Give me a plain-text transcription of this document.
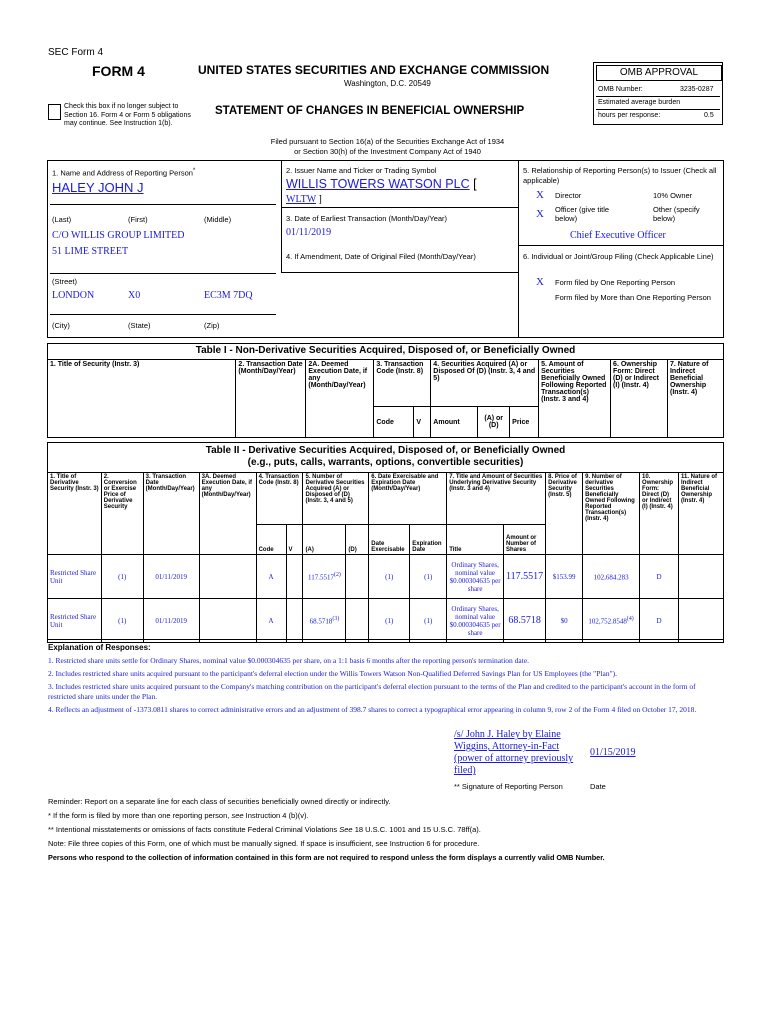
SEC Form 4
FORM 4	UNITED STATES SECURITIES AND EXCHANGE COMMISSION
Washington, D.C. 20549
Check this box if no longer subject to Section 16. Form 4 or Form 5 obligations may continue. See Instruction 1(b).
STATEMENT OF CHANGES IN BENEFICIAL OWNERSHIP
Filed pursuant to Section 16(a) of the Securities Exchange Act of 1934
or Section 30(h) of the Investment Company Act of 1940
OMB APPROVAL
OMB Number:	3235-0287
Estimated average burden
hours per response:	0.5
1. Name and Address of Reporting Person*
HALEY JOHN J
(Last)	(First)	(Middle)
C/O WILLIS GROUP LIMITED
51 LIME STREET
(Street)
LONDON	X0	EC3M 7DQ
(City)	(State)	(Zip)
2. Issuer Name and Ticker or Trading Symbol
WILLIS TOWERS WATSON PLC [
WLTW ]
3. Date of Earliest Transaction (Month/Day/Year)
01/11/2019
4. If Amendment, Date of Original Filed (Month/Day/Year)
5. Relationship of Reporting Person(s) to Issuer (Check all applicable)
X Director	10% Owner
X Officer (give title below)
Other (specify below)
Chief Executive Officer
6. Individual or Joint/Group Filing (Check Applicable Line)
X Form filed by One Reporting Person
Form filed by More than One Reporting Person
Table I - Non-Derivative Securities Acquired, Disposed of, or Beneficially Owned
1. Title of Security (Instr. 3)	2. Transaction Date (Month/Day/Year)	2A. Deemed Execution Date, if any (Month/Day/Year)	3. Transaction Code (Instr. 8)		4. Securities Acquired (A) or Disposed Of (D) (Instr. 3, 4 and 5)			5. Amount of Securities Beneficially Owned Following Reported Transaction(s) (Instr. 3 and 4)	6. Ownership Form: Direct (D) or Indirect (I) (Instr. 4)	7. Nature of Indirect Beneficial Ownership (Instr. 4)
			Code	V	Amount	(A) or (D)	Price			
Table II - Derivative Securities Acquired, Disposed of, or Beneficially Owned
(e.g., puts, calls, warrants, options, convertible securities)
1. Title of Derivative Security (Instr. 3)	2. Conversion or Exercise Price of Derivative Security	3. Transaction Date (Month/Day/Year)	3A. Deemed Execution Date, if any (Month/Day/Year)	4. Transaction Code (Instr. 8)		5. Number of Derivative Securities Acquired (A) or Disposed of (D) (Instr. 3, 4 and 5)		6. Date Exercisable and Expiration Date (Month/Day/Year)		7. Title and Amount of Securities Underlying Derivative Security (Instr. 3 and 4)		8. Price of Derivative Security (Instr. 5)	9. Number of derivative Securities Beneficially Owned Following Reported Transaction(s) (Instr. 4)	10. Ownership Form: Direct (D) or Indirect (I) (Instr. 4)	11. Nature of Indirect Beneficial Ownership (Instr. 4)
				Code	V	(A)	(D)	Date Exercisable	Expiration Date	Title	Amount or Number of Shares				
Restricted Share Unit	(1)	01/11/2019		A		117.5517$^{(2)}$		(1)	(1)	Ordinary Shares, nominal value $0.000304635 per share	117.5517	$153.99	102,684.283	D	
Restricted Share Unit	(1)	01/11/2019		A		68.5718$^{(3)}$		(1)	(1)	Ordinary Shares, nominal value $0.000304635 per share	68.5718	$0	102,752.8548$^{(4)}$	D	
Explanation of Responses:
1. Restricted share units settle for Ordinary Shares, nominal value $0.000304635 per share, on a 1:1 basis 6 months after the reporting person's termination date.
2. Includes restricted share units acquired pursuant to the participant's deferral election under the Willis Towers Watson Non-Qualified Deferred Savings Plan for US Employees (the "Plan").
3. Includes restricted share units acquired pursuant to the Company's matching contribution on the participant's deferral election pursuant to the terms of the Plan and credited to the participant's account in the form of restricted share units under the Plan.
4. Reflects an adjustment of -1373.0811 shares to correct administrative errors and an adjustment of 398.7 shares to correct a typographical error appearing in column 9, row 2 of the Form 4 filed on October 17, 2018.
/s/ John J. Haley by Elaine Wiggins, Attorney-in-Fact (power of attorney previously filed)
01/15/2019
** Signature of Reporting Person	Date
Reminder: Report on a separate line for each class of securities beneficially owned directly or indirectly.
* If the form is filed by more than one reporting person, see Instruction 4 (b)(v).
** Intentional misstatements or omissions of facts constitute Federal Criminal Violations See 18 U.S.C. 1001 and 15 U.S.C. 78ff(a).
Note: File three copies of this Form, one of which must be manually signed. If space is insufficient, see Instruction 6 for procedure.
Persons who respond to the collection of information contained in this form are not required to respond unless the form displays a currently valid OMB Number.
